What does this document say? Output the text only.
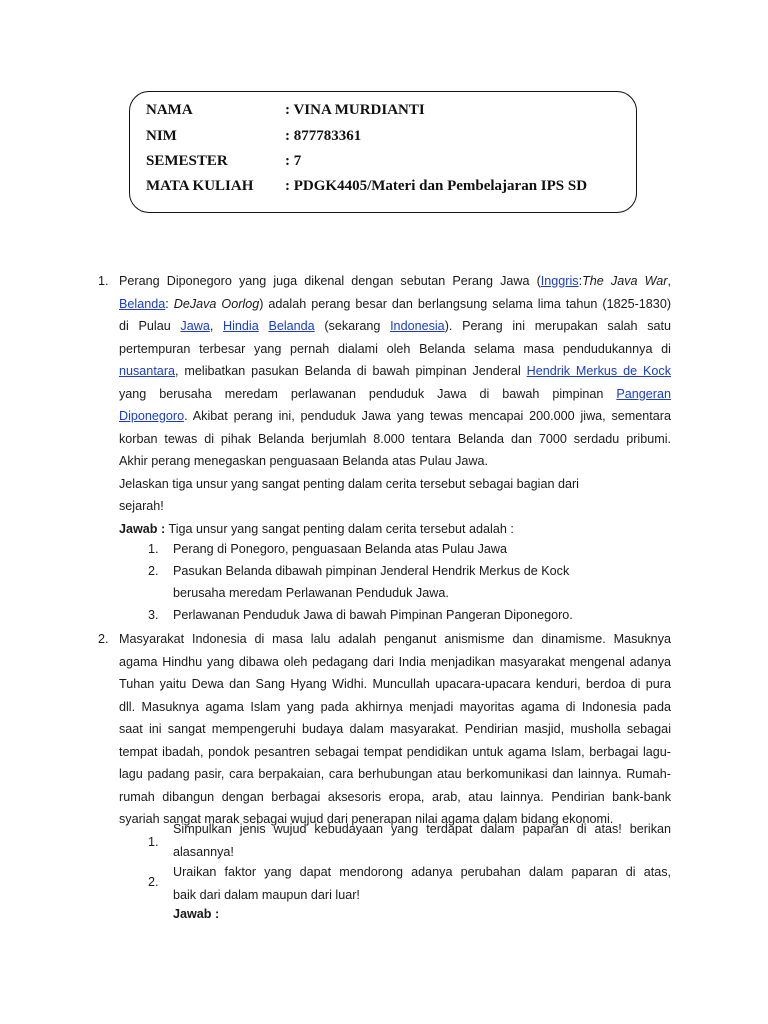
NAMA	: VINA MURDIANTI
NIM	: 877783361
SEMESTER	: 7
MATA KULIAH : PDGK4405/Materi dan Pembelajaran IPS SD
1. Perang Diponegoro yang juga dikenal dengan sebutan Perang Jawa (Inggris:The Java War,
Belanda: DeJava Oorlog) adalah perang besar dan berlangsung selama lima tahun (1825-1830)
di Pulau Jawa, Hindia Belanda (sekarang Indonesia). Perang ini merupakan salah satu
pertempuran terbesar yang pernah dialami oleh Belanda selama masa pendudukannya di
nusantara, melibatkan pasukan Belanda di bawah pimpinan Jenderal Hendrik Merkus de Kock
yang berusaha meredam perlawanan penduduk Jawa di bawah pimpinan Pangeran
Diponegoro. Akibat perang ini, penduduk Jawa yang tewas mencapai 200.000 jiwa, sementara
korban tewas di pihak Belanda berjumlah 8.000 tentara Belanda dan 7000 serdadu pribumi.
Akhir perang menegaskan penguasaan Belanda atas Pulau Jawa.
Jelaskan tiga unsur yang sangat penting dalam cerita tersebut sebagai bagian dari
sejarah!
Jawab : Tiga unsur yang sangat penting dalam cerita tersebut adalah :
1. Perang di Ponegoro, penguasaan Belanda atas Pulau Jawa
2. Pasukan Belanda dibawah pimpinan Jenderal Hendrik Merkus de Kock
berusaha meredam Perlawanan Penduduk Jawa.
3. Perlawanan Penduduk Jawa di bawah Pimpinan Pangeran Diponegoro.
2. Masyarakat Indonesia di masa lalu adalah penganut anismisme dan dinamisme. Masuknya
agama Hindhu yang dibawa oleh pedagang dari India menjadikan masyarakat mengenal adanya
Tuhan yaitu Dewa dan Sang Hyang Widhi. Muncullah upacara-upacara kenduri, berdoa di pura
dll. Masuknya agama Islam yang pada akhirnya menjadi mayoritas agama di Indonesia pada
saat ini sangat mempengeruhi budaya dalam masyarakat. Pendirian masjid, musholla sebagai
tempat ibadah, pondok pesantren sebagai tempat pendidikan untuk agama Islam, berbagai lagu-
lagu padang pasir, cara berpakaian, cara berhubungan atau berkomunikasi dan lainnya. Rumah-
rumah dibangun dengan berbagai aksesoris eropa, arab, atau lainnya. Pendirian bank-bank
syariah sangat marak sebagai wujud dari penerapan nilai agama dalam bidang ekonomi.
1.
Simpulkan jenis wujud kebudayaan yang terdapat dalam paparan di atas! berikan
alasannya!
2.
Uraikan faktor yang dapat mendorong adanya perubahan dalam paparan di atas,
baik dari dalam maupun dari luar!
Jawab :
